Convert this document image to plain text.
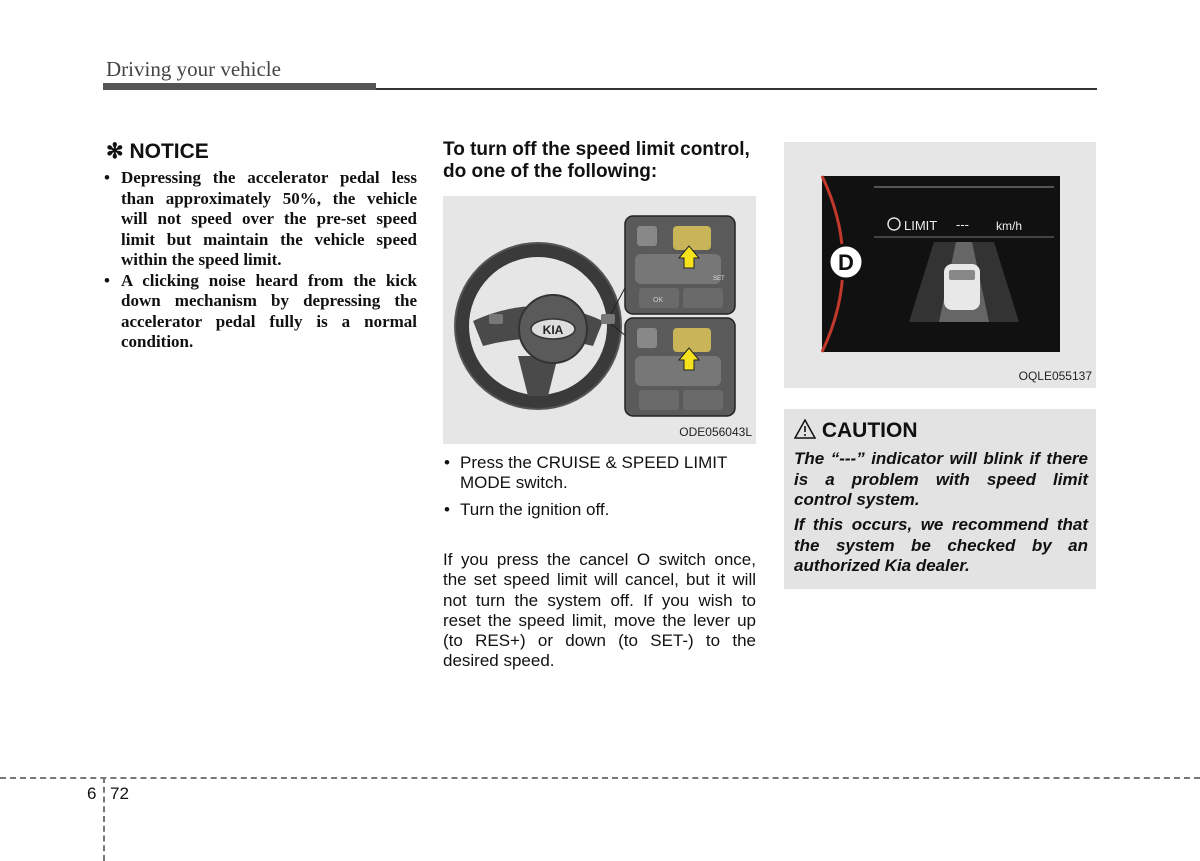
Driving your vehicle
✻ NOTICE
• Depressing the accelerator pedal less than approximately 50%, the vehicle will not speed over the pre-set speed limit but maintain the vehicle speed within the speed limit.
• A clicking noise heard from the kick down mechanism by depressing the accelerator pedal fully is a normal condition.
To turn off the speed limit control, do one of the following:
KIA
OK
SET
ODE056043L
• Press the CRUISE & SPEED LIMIT MODE switch.
• Turn the ignition off.
If you press the cancel O switch once, the set speed limit will cancel, but it will not turn the system off. If you wish to reset the speed limit, move the lever up (to RES+) or down (to SET-) to the desired speed.
D
LIMIT --- km/h
OQLE055137
CAUTION
The “---” indicator will blink if there is a problem with speed limit control system.
If this occurs, we recommend that the system be checked by an authorized Kia dealer.
6 72
